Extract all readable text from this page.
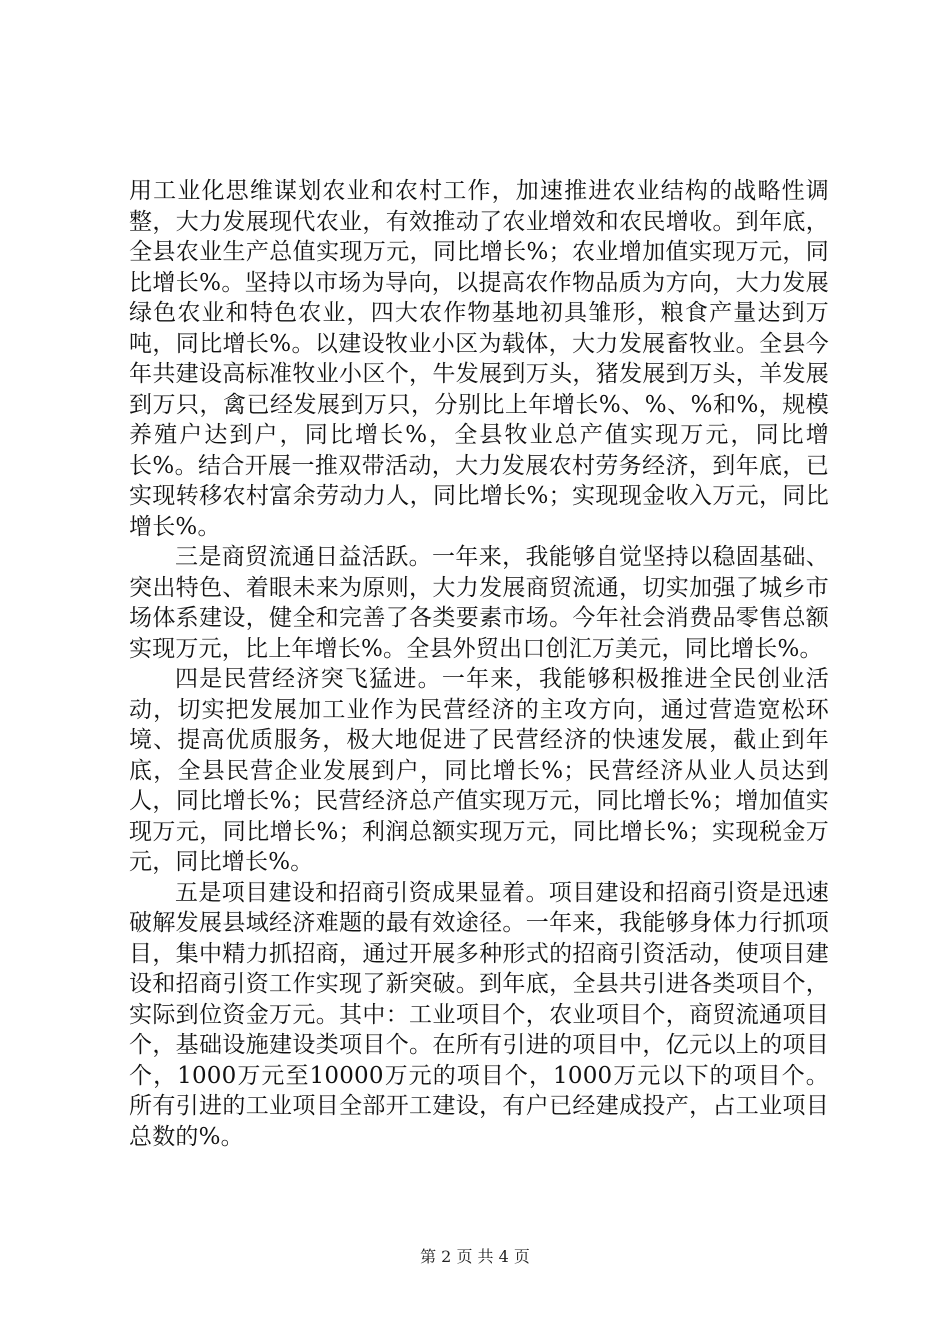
用工业化思维谋划农业和农村工作，加速推进农业结构的战略性调整，大力发展现代农业，有效推动了农业增效和农民增收。到年底，全县农业生产总值实现万元，同比增长%；农业增加值实现万元，同比增长%。坚持以市场为导向，以提高农作物品质为方向，大力发展绿色农业和特色农业，四大农作物基地初具雏形，粮食产量达到万吨，同比增长%。以建设牧业小区为载体，大力发展畜牧业。全县今年共建设高标准牧业小区个，牛发展到万头，猪发展到万头，羊发展到万只，禽已经发展到万只，分别比上年增长%、%、%和%，规模养殖户达到户，同比增长%，全县牧业总产值实现万元，同比增长%。结合开展一推双带活动，大力发展农村劳务经济，到年底，已实现转移农村富余劳动力人，同比增长%；实现现金收入万元，同比增长%。

三是商贸流通日益活跃。一年来，我能够自觉坚持以稳固基础、突出特色、着眼未来为原则，大力发展商贸流通，切实加强了城乡市场体系建设，健全和完善了各类要素市场。今年社会消费品零售总额实现万元，比上年增长%。全县外贸出口创汇万美元，同比增长%。

四是民营经济突飞猛进。一年来，我能够积极推进全民创业活动，切实把发展加工业作为民营经济的主攻方向，通过营造宽松环境、提高优质服务，极大地促进了民营经济的快速发展，截止到年底，全县民营企业发展到户，同比增长%；民营经济从业人员达到人，同比增长%；民营经济总产值实现万元，同比增长%；增加值实现万元，同比增长%；利润总额实现万元，同比增长%；实现税金万元，同比增长%。

五是项目建设和招商引资成果显着。项目建设和招商引资是迅速破解发展县域经济难题的最有效途径。一年来，我能够身体力行抓项目，集中精力抓招商，通过开展多种形式的招商引资活动，使项目建设和招商引资工作实现了新突破。到年底，全县共引进各类项目个，实际到位资金万元。其中：工业项目个，农业项目个，商贸流通项目个，基础设施建设类项目个。在所有引进的项目中，亿元以上的项目个，1000万元至10000万元的项目个，1000万元以下的项目个。所有引进的工业项目全部开工建设，有户已经建成投产，占工业项目总数的%。

第 2 页 共 4 页
